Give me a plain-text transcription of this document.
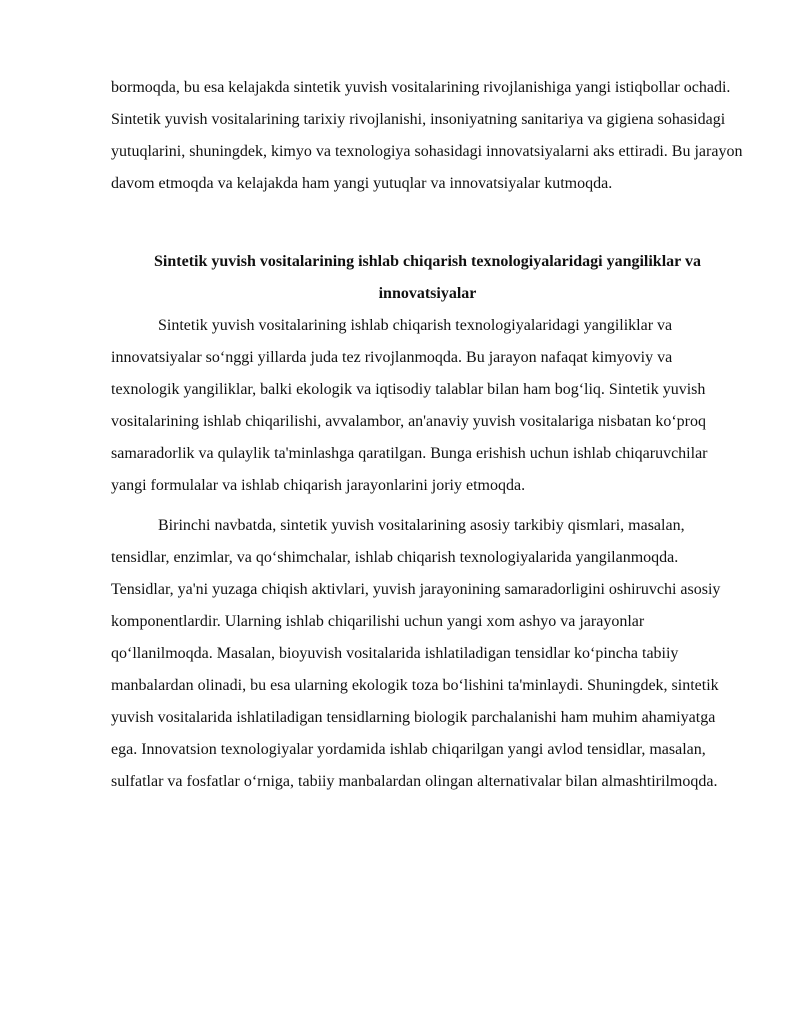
bormoqda, bu esa kelajakda sintetik yuvish vositalarining rivojlanishiga yangi istiqbollar ochadi. Sintetik yuvish vositalarining tarixiy rivojlanishi, insoniyatning sanitariya va gigiena sohasidagi yutuqlarini, shuningdek, kimyo va texnologiya sohasidagi innovatsiyalarni aks ettiradi. Bu jarayon davom etmoqda va kelajakda ham yangi yutuqlar va innovatsiyalar kutmoqda.

Sintetik yuvish vositalarining ishlab chiqarish texnologiyalaridagi yangiliklar va innovatsiyalar

Sintetik yuvish vositalarining ishlab chiqarish texnologiyalaridagi yangiliklar va innovatsiyalar so‘nggi yillarda juda tez rivojlanmoqda. Bu jarayon nafaqat kimyoviy va texnologik yangiliklar, balki ekologik va iqtisodiy talablar bilan ham bog‘liq. Sintetik yuvish vositalarining ishlab chiqarilishi, avvalambor, an'anaviy yuvish vositalariga nisbatan ko‘proq samaradorlik va qulaylik ta'minlashga qaratilgan. Bunga erishish uchun ishlab chiqaruvchilar yangi formulalar va ishlab chiqarish jarayonlarini joriy etmoqda.

Birinchi navbatda, sintetik yuvish vositalarining asosiy tarkibiy qismlari, masalan, tensidlar, enzimlar, va qo‘shimchalar, ishlab chiqarish texnologiyalarida yangilanmoqda. Tensidlar, ya'ni yuzaga chiqish aktivlari, yuvish jarayonining samaradorligini oshiruvchi asosiy komponentlardir. Ularning ishlab chiqarilishi uchun yangi xom ashyo va jarayonlar qo‘llanilmoqda. Masalan, bioyuvish vositalarida ishlatiladigan tensidlar ko‘pincha tabiiy manbalardan olinadi, bu esa ularning ekologik toza bo‘lishini ta'minlaydi. Shuningdek, sintetik yuvish vositalarida ishlatiladigan tensidlarning biologik parchalanishi ham muhim ahamiyatga ega. Innovatsion texnologiyalar yordamida ishlab chiqarilgan yangi avlod tensidlar, masalan, sulfatlar va fosfatlar o‘rniga, tabiiy manbalardan olingan alternativalar bilan almashtirilmoqda.
